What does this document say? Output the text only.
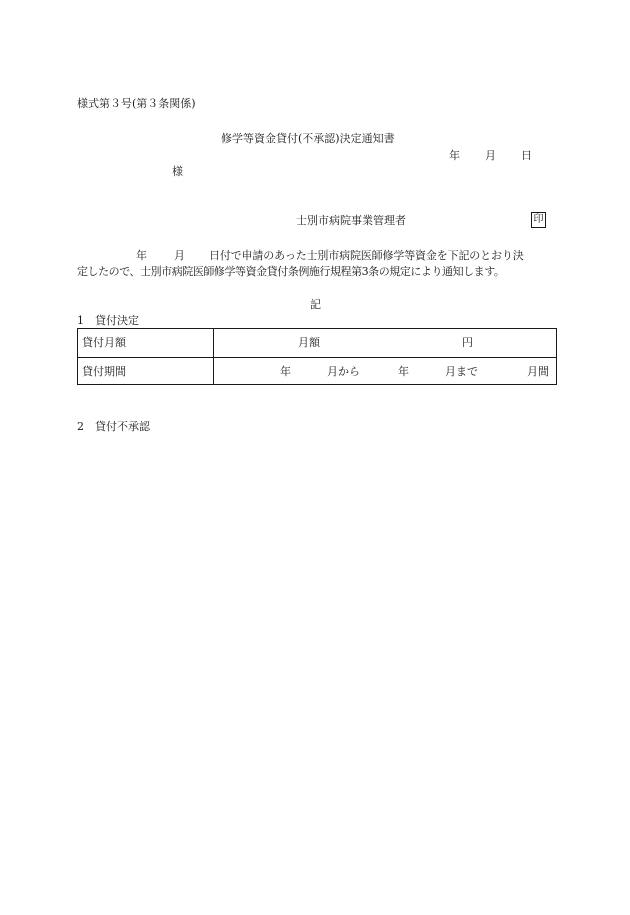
様式第３号(第３条関係)
修学等資金貸付(不承認)決定通知書
年 月 日
様
士別市病院事業管理者	印
年 月 日付で申請のあった士別市病院医師修学等資金を下記のとおり決
定したので、士別市病院医師修学等資金貸付条例施行規程第3条の規定により通知します。
記
1　貸付決定
貸付月額	月額	円
貸付期間	年	月から	年	月まで	月間
2　貸付不承認
